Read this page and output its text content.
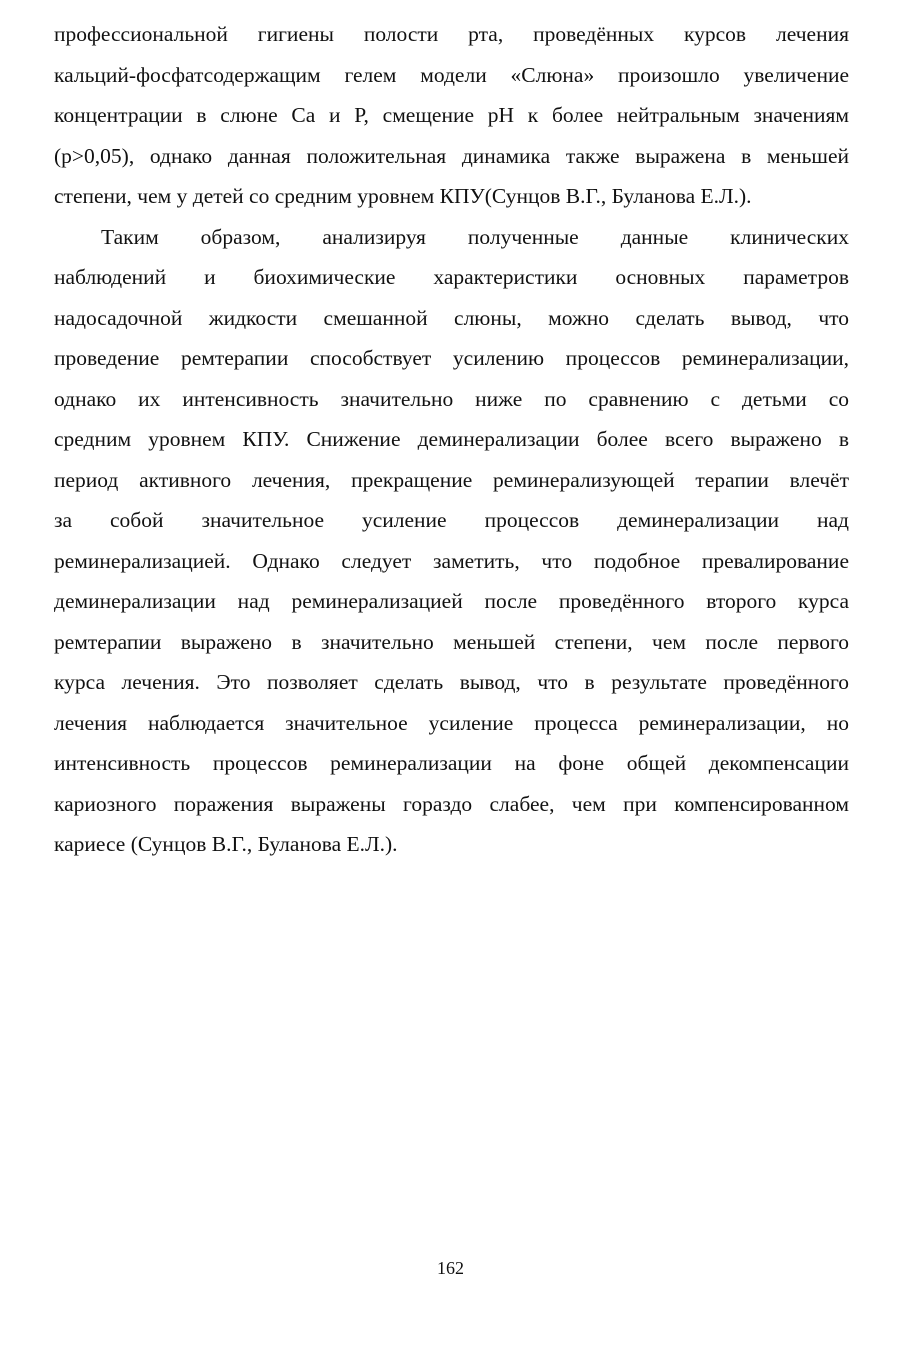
профессиональной гигиены полости рта, проведённых курсов лечения
кальций-фосфатсодержащим гелем модели «Слюна» произошло увеличение
концентрации в слюне Са и Р, смещение рН к более нейтральным значениям
(р>0,05), однако данная положительная динамика также выражена в меньшей
степени, чем у детей со средним уровнем КПУ(Сунцов В.Г., Буланова Е.Л.).
Таким образом, анализируя полученные данные клинических
наблюдений и биохимические характеристики основных параметров
надосадочной жидкости смешанной слюны, можно сделать вывод, что
проведение ремтерапии способствует усилению процессов реминерализации,
однако их интенсивность значительно ниже по сравнению с детьми со
средним уровнем КПУ. Снижение деминерализации более всего выражено в
период активного лечения, прекращение реминерализующей терапии влечёт
за собой значительное усиление процессов деминерализации над
реминерализацией. Однако следует заметить, что подобное превалирование
деминерализации над реминерализацией после проведённого второго курса
ремтерапии выражено в значительно меньшей степени, чем после первого
курса лечения. Это позволяет сделать вывод, что в результате проведённого
лечения наблюдается значительное усиление процесса реминерализации, но
интенсивность процессов реминерализации на фоне общей декомпенсации
кариозного поражения выражены гораздо слабее, чем при компенсированном
кариесе (Сунцов В.Г., Буланова Е.Л.).
162
